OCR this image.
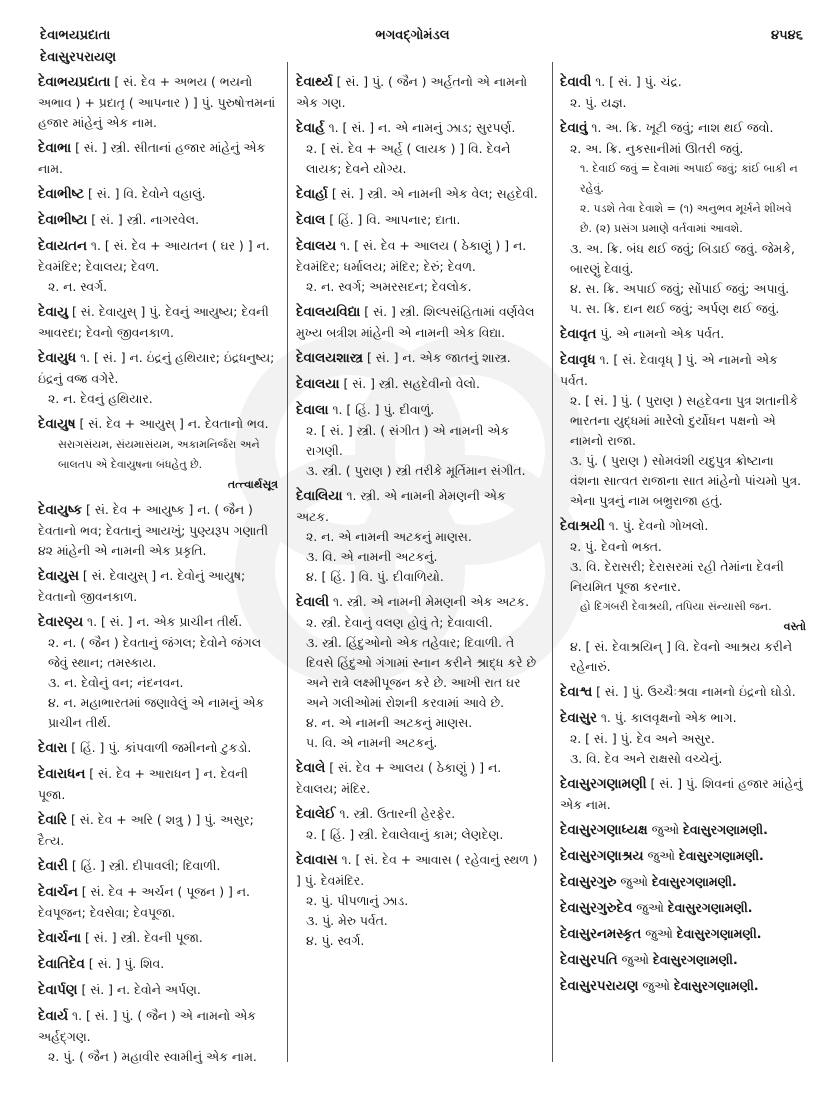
દેવાભયપ્રદાતા	ભગવદ્ગોમંડલ	૪૫૪૬
દેવાસુરપરાયણ
દેવાભયપ્રદાતા [ સં. દેવ + અભય ( ભયનો અભાવ ) + પ્રદાતૃ ( આપનાર ) ] પું. પુરુષોત્તમનાં હજાર માંહેનું એક નામ.
દેવાભા [ સં. ] સ્ત્રી. સીતાનાં હજાર માંહેનું એક નામ.
દેવાભીષ્ટ [ સં. ] વિ. દેવોને વહાલું.
દેવાભીષ્ટા [ સં. ] સ્ત્રી. નાગરવેલ.
દેવાયતન ૧. [ સં. દેવ + આયતન ( ઘર ) ] ન. દેવમંદિર; દેવાલય; દેવળ.
૨. ન. સ્વર્ગ.
દેવાયુ [ સં. દેવાયુસ્ ] પું. દેવનું આયુષ્ય; દેવની આવરદા; દેવનો જીવનકાળ.
દેવાયુધ ૧. [ સં. ] ન. ઇંદ્રનું હથિયાર; ઇંદ્રધનુષ્ય; ઇંદ્રનું વજ્ર વગેરે.
૨. ન. દેવનું હથિયાર.
દેવાયુષ [ સં. દેવ + આયુસ્ ] ન. દેવતાનો ભવ.
સરાગસંયમ, સંયમાસંયમ, અકામનિર્જરા અને બાલતપ એ દેવાયુષના બંધહેતુ છે.
તત્ત્વાર્થસૂત્ર
દેવાયુષ્ક [ સં. દેવ + આયુષ્ક ] ન. ( જૈન ) દેવતાનો ભવ; દેવતાનું આયખું; પુણ્યરૂપ ગણાતી ૪૨ માંહેની એ નામની એક પ્રકૃતિ.
દેવાયુસ [ સં. દેવાયુસ્ ] ન. દેવોનું આયુષ; દેવતાનો જીવનકાળ.
દેવારણ્ય ૧. [ સં. ] ન. એક પ્રાચીન તીર્થ.
૨. ન. ( જૈન ) દેવતાનું જંગલ; દેવોને જંગલ જેવું સ્થાન; તમસ્કાય.
૩. ન. દેવોનું વન; નંદનવન.
૪. ન. મહાભારતમાં જણાવેલું એ નામનું એક પ્રાચીન તીર્થ.
દેવારા [ હિં. ] પું. કાંપવાળી જમીનનો ટુકડો.
દેવારાધન [ સં. દેવ + આરાધન ] ન. દેવની પૂજા.
દેવારિ [ સં. દેવ + અરિ ( શત્રુ ) ] પું. અસુર; દૈત્ય.
દેવારી [ હિં. ] સ્ત્રી. દીપાવલી; દિવાળી.
દેવાર્ચન [ સં. દેવ + અર્ચન ( પૂજન ) ] ન. દેવપૂજન; દેવસેવા; દેવપૂજા.
દેવાર્ચના [ સં. ] સ્ત્રી. દેવની પૂજા.
દેવાતિદેવ [ સં. ] પું. શિવ.
દેવાર્પણ [ સં. ] ન. દેવોને અર્પણ.
દેવાર્ય ૧. [ સં. ] પું. ( જૈન ) એ નામનો એક અર્હદ્ગણ.
૨. પું. ( જૈન ) મહાવીર સ્વામીનું એક નામ.
દેવાર્થ્ય [ સં. ] પું. ( જૈન ) અર્હતનો એ નામનો એક ગણ.
દેવાર્હ ૧. [ સં. ] ન. એ નામનું ઝાડ; સુરપર્ણ.
૨. [ સં. દેવ + અર્હ ( લાયક ) ] વિ. દેવને લાયક; દેવને યોગ્ય.
દેવાર્હા [ સં. ] સ્ત્રી. એ નામની એક વેલ; સહદેવી.
દેવાલ [ હિં. ] વિ. આપનાર; દાતા.
દેવાલય ૧. [ સં. દેવ + આલય ( ઠેકાણું ) ] ન. દેવમંદિર; ધર્માલય; મંદિર; દેરું; દેવળ.
૨. ન. સ્વર્ગ; અમરસદન; દેવલોક.
દેવાલયવિદ્યા [ સં. ] સ્ત્રી. શિલ્પસંહિતામાં વર્ણવેલ મુખ્ય બત્રીશ માંહેની એ નામની એક વિદ્યા.
દેવાલયશાસ્ત્ર [ સં. ] ન. એક જાતનું શાસ્ત્ર.
દેવાલયા [ સં. ] સ્ત્રી. સહદેવીનો વેલો.
દેવાલા ૧. [ હિં. ] પું. દીવાળું.
૨. [ સં. ] સ્ત્રી. ( સંગીત ) એ નામની એક રાગણી.
૩. સ્ત્રી. ( પુરાણ ) સ્ત્રી તરીકે મૂર્તિમાન સંગીત.
દેવાલિયા ૧. સ્ત્રી. એ નામની મેમણની એક અટક.
૨. ન. એ નામની અટકનું માણસ.
૩. વિ. એ નામની અટકનું.
૪. [ હિં. ] વિ. પું. દીવાળિયો.
દેવાલી ૧. સ્ત્રી. એ નામની મેમણની એક અટક.
૨. સ્ત્રી. દેવાનું વલણ હોવું તે; દેવાવાલી.
૩. સ્ત્રી. હિંદુઓનો એક તહેવાર; દિવાળી. તે દિવસે હિંદુઓ ગંગામાં સ્નાન કરીને શ્રાદ્ધ કરે છે અને રાત્રે લક્ષ્મીપૂજન કરે છે. આખી રાત ઘર અને ગલીઓમાં રોશની કરવામાં આવે છે.
૪. ન. એ નામની અટકનું માણસ.
૫. વિ. એ નામની અટકનું.
દેવાલે [ સં. દેવ + આલય ( ઠેકાણું ) ] ન. દેવાલય; મંદિર.
દેવાલેઈ ૧. સ્ત્રી. ઉતારની હેરફેર.
૨. [ હિં. ] સ્ત્રી. દેવાલેવાનું કામ; લેણદેણ.
દેવાવાસ ૧. [ સં. દેવ + આવાસ ( રહેવાનું સ્થળ ) ] પું. દેવમંદિર.
૨. પું. પીપળાનું ઝાડ.
૩. પું. મેરુ પર્વત.
૪. પું. સ્વર્ગ.
દેવાવી ૧. [ સં. ] પું. ચંદ્ર.
૨. પું. યજ્ઞ.
દેવાવું ૧. અ. ક્રિ. ખૂટી જવું; નાશ થઈ જવો.
૨. અ. ક્રિ. નુકસાનીમાં ઊતરી જવું.
૧. દેવાઈ જવું = દેવામાં અપાઈ જવું; કાંઈ બાકી ન રહેવું.
૨. પડશે તેવા દેવાશે = (૧) અનુભવ મૂર્ખને શીખવે છે. (૨) પ્રસંગ પ્રમાણે વર્તવામાં આવશે.
૩. અ. ક્રિ. બંધ થઈ જવું; બિડાઈ જવું. જેમકે, બારણું દેવાવું.
૪. સ. ક્રિ. અપાઈ જવું; સોંપાઈ જવું; અપાવું.
૫. સ. ક્રિ. દાન થઈ જવું; અર્પણ થઈ જવું.
દેવાવૃત પું. એ નામનો એક પર્વત.
દેવાવૃધ ૧. [ સં. દેવાવૃધ્ ] પું. એ નામનો એક પર્વત.
૨. [ સં. ] પું. ( પુરાણ ) સહદેવના પુત્ર શતાનીકે ભારતના યુદ્ધમાં મારેલો દુર્યોધન પક્ષનો એ નામનો રાજા.
૩. પું. ( પુરાણ ) સોમવંશી યદુપુત્ર ક્રોષ્ટાના વંશના સાત્વત રાજાના સાત માંહેનો પાંચમો પુત્ર. એના પુત્રનું નામ બભ્રુરાજા હતું.
દેવાશ્રયી ૧. પું. દેવનો ગોખલો.
૨. પું. દેવનો ભક્ત.
૩. વિ. દેરાસરી; દેરાસરમાં રહી તેમાંના દેવની નિયમિત પૂજા કરનાર.
હો દિગંબરી દેવાશ્રયી, તપિયા સંન્યાસી જન.
વસ્તો
૪. [ સં. દેવાશ્રયિન્ ] વિ. દેવનો આશ્રય કરીને રહેનારું.
દેવાશ્વ [ સં. ] પું. ઉચ્ચૈઃશ્રવા નામનો ઇંદ્રનો ઘોડો.
દેવાસુર ૧. પું. કાલવૃક્ષનો એક ભાગ.
૨. [ સં. ] પું. દેવ અને અસુર.
૩. વિ. દેવ અને રાક્ષસો વચ્ચેનું.
દેવાસુરગણામણી [ સં. ] પું. શિવનાં હજાર માંહેનું એક નામ.
દેવાસુરગણાધ્યક્ષ જુઓ દેવાસુરગણામણી.
દેવાસુરગણાશ્રય જુઓ દેવાસુરગણામણી.
દેવાસુરગુરુ જુઓ દેવાસુરગણામણી.
દેવાસુરગુરુદેવ જુઓ દેવાસુરગણામણી.
દેવાસુરનમસ્કૃત જુઓ દેવાસુરગણામણી.
દેવાસુરપતિ જુઓ દેવાસુરગણામણી.
દેવાસુરપરાયણ જુઓ દેવાસુરગણામણી.
